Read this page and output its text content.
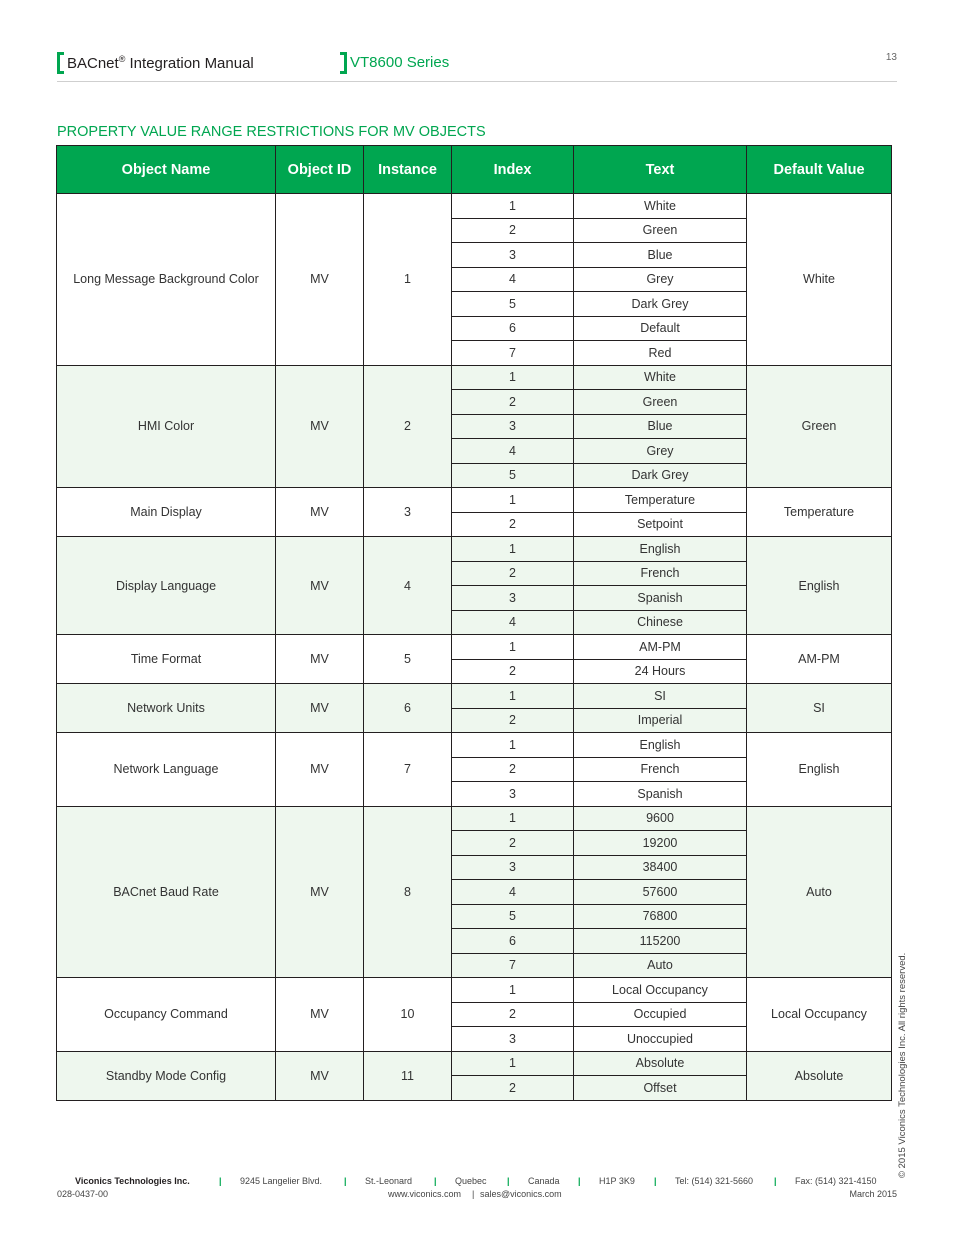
BACnet® Integration Manual	VT8600 Series	13
PROPERTY VALUE RANGE RESTRICTIONS FOR MV OBJECTS
Object Name	Object ID	Instance	Index	Text	Default Value
Long Message Background Color	MV	1	1	White	White
			2	Green	
			3	Blue	
			4	Grey	
			5	Dark Grey	
			6	Default	
			7	Red	
HMI Color	MV	2	1	White	Green
			2	Green	
			3	Blue	
			4	Grey	
			5	Dark Grey	
Main Display	MV	3	1	Temperature	Temperature
			2	Setpoint	
Display Language	MV	4	1	English	English
			2	French	
			3	Spanish	
			4	Chinese	
Time Format	MV	5	1	AM-PM	AM-PM
			2	24 Hours	
Network Units	MV	6	1	SI	SI
			2	Imperial	
Network Language	MV	7	1	English	English
			2	French	
			3	Spanish	
BACnet Baud Rate	MV	8	1	9600	Auto
			2	19200	
			3	38400	
			4	57600	
			5	76800	
			6	115200	
			7	Auto	
Occupancy Command	MV	10	1	Local Occupancy	Local Occupancy
			2	Occupied	
			3	Unoccupied	
Standby Mode Config	MV	11	1	Absolute	Absolute
			2	Offset		© 2015 Viconics Technologies Inc. All rights reserved.
Viconics Technologies Inc.	| 9245 Langelier Blvd. | St.-Leonard | Quebec | Canada | H1P 3K9 | Tel: (514) 321-5660 | Fax: (514) 321-4150
028-0437-00	www.viconics.com | sales@viconics.com	March 2015
